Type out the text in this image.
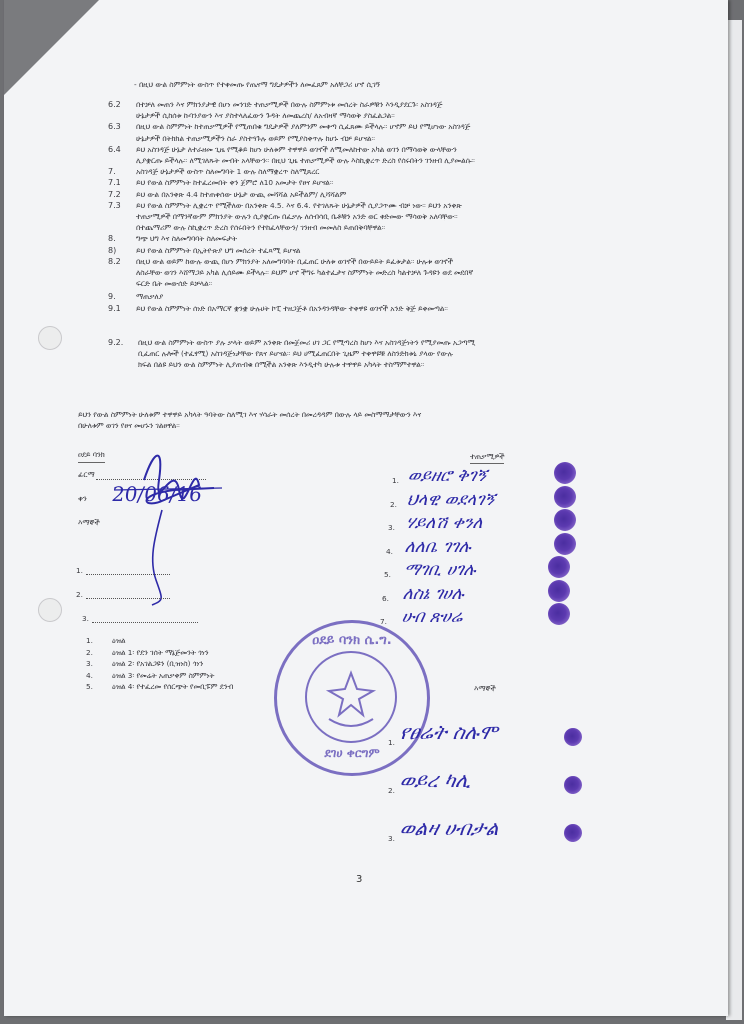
- በዚህ ውል ስምምነት ውስጥ የተቀመጡ የጤናማ ግዴታዎችን ለመፈጸም አለቸጋሪ ሆኖ ሲገኝ
6.2 በተቻለ መጠን እና ምክንያታዊ በሆነ መንገድ ተጠቃሚዎች በውሉ ስምምነቱ መሰረት ስራዎቹን እንዲያደርጉ፡ አስገዳጅ
ሁኔታዎች ሲከሰቱ ኩባንያውን እና ያስተላለፈውን ጉዳት ለመጨረስ/ ለአብዛኛ ማሳወቅ ያስፈልጋል።
6.3 በዚህ ውል ስምምነት ከተጠቃሚዎች የሚጠበቁ ግዴታዎች ያለምንም መቀጣ ሲፈጸሙ ይችላሉ። ሆኖም ይህ የሚሆነው አስገዳጅ
ሁኔታዎች በትክክል ተጠቃሚዎችን ስራ ያስተጓጉሉ ወይም የሚያስቀጥሉ ከሆኑ ብቻ ይሆናል።
6.4 ይህ አስገዳጅ ሁኔታ ለተራዘመ ጊዜ የሚቆይ ከሆነ ሁለቱም ተዋዋይ ወገኖች ለሚመለከተው አካል ወገን በማሳወቅ ውላቸውን
ሊያቋርጡ ይችላሉ። ለሚገለጹት መብት አላቸውን። በዚህ ጊዜ ተጠቃሚዎች ውሉ እስኪቋረጥ ድረስ የሰሩበትን ገንዘብ ሊያመልሱ።
7.	አስገዳጅ ሁኔታዎች ውስጥ ስለመግባት 1 ውሉ ስለማቋረጥ ስለሚጸረር
7.1 ይህ የውል ስምምነት ከተፈረመበት ቀን ጀምሮ ለ10 አመታት የፀና ይሆናል።
7.2 ይህ ውል በአንቀጽ 4.4 ከተጠቀሰው ሁኔታ ውጪ መሻሻል አይችልም/ ሊሻሻልም
7.3 ይህ የውል ስምምነት ሊቋረጥ የሚችለው በአንቀጽ 4.5. እና 6.4. የተገለጹት ሁኔታዎች ሲያጋጥሙ ብቻ ነው። ይህን አንቀጽ
ተጠቃሚዎች በማንኛውም ምክንያት ውሉን ሲያቋርጡ በፈቃሉ ለሰብሳቢ ቤቶቹን አንድ ወር ቀድመው ማሳወቅ አለባቸው።
በተጨማሪም ውሉ ስኪቋረጥ ድረስ የሰሩበትን የተከፈላቸውን/ ገንዘብ መመለስ ይጠበቅባቸዋል።
8.	ግጭ ህግ እና ስለመግባባት ስለመፍታት
8)	ይህ የውል ስምምነት በኢትዮጵያ ህግ መሰረት ተፈጻሚ ይሆናል
8.2 በዚህ ውል ወይም ከውሉ ውጪ በሆነ ምክንያት አለመግባባት ቢፈጠር ሁለቱ ወገኖች በውይይት ይፈቱታል። ሁሉቱ ወገኖች
ለስራቸው ወገን እሸማጋይ አካል ሊሰይሙ ይችላሉ። ይህም ሆኖ ችግሩ ካልተፈታና ስምምነት መድረስ ካልተቻለ ጉዳዩን ወደ መደበኛ
ፍርድ ቤት መውሰድ ይቻላል።
9.	ማጠቃለያ
9.1 ይህ የውል ስምምነት ሰነድ በአማርኛ ቋንቋ ሁሉሀት ኮፒ ተዘጋጅቶ በአንዳንዳቸው ተቀዋዩ ወገኖች አንድ ቅጅ ይቀመጣል።
9.2. በዚህ ውል ስምምነት ውስጥ ያሉ ቃላት ወይም አንቀጽ በመጀመሪ ሀገ ጋር የሚጣረስ ከሆነ እና አስገዳጅነትን የሚያመጡ አጋጣሚ
ቢፈጠር ሉሎች (ተፈፃሚ) አስገዳጅነታቸው የጸና ይሆናል። ይህ ሀሚፈጠርበት ጊዜም ተቀዋዩቹ ለስንድክቱኒ ያላው የውሉ
ክፍል በልዩ ይህን ውል ስምምነት ሊያጠብቁ በሚችል አንቀጽ እንዲተካ ሁሉቱ ተዋዋይ አካላት ተስማምተዋል።
ይህን የውል ስምምነት ሁለቱም ተዋዋይ አካላት ዓባትው ስለሚገ እና ሃሳራት መሰረት በመረዳዳም በውሉ ላይ መስማማታቸውን እና
በሁለቱም ወገን የፀና መሆኑን ገልፀዋል።
ዐደይ ባንክ
ፊርማ
ቀን 20/06/16
እማኞች
1.
2.
3.
1.	ዕዝል
2.	ዕዝል 1፡ የደን ገሰት ማኔጅመንት ጎነን
3.	ዕዝል 2፡ የአገልጋዩን (ቢዝነስ) ጎነን
4.	ዕዝል 3፡ የመሬት አጠቃቀም ስምምነት
5.	ዕዝል 4፡ የተፈረመ የሰርጭት የመቢፑም ደንብ
ዐደይ ባንክ ሴ.ግ.
ደገሀ ቀርግም
ተጠቃሚዎች
1. ወይዘሮ ቅገኝ
2. ህላዊ ወደላገኝ
3. ሃይለሽ ቀንለ
4. ለለቤ ገገሉ
5. ማገቢ ሀገሉ
6. ለስኔ ገሀሉ
7. ሁበ ጽሀሬ
እማኞች
1. የፀሬት ስሉሞ
2. ወይረ ካሊ
3. ወልዛ ሀብታል
3
